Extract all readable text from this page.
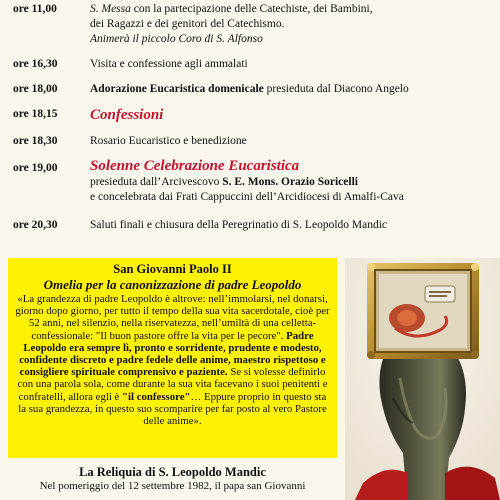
ore 11,00	S. Messa con la partecipazione delle Catechiste, dei Bambini,
dei Ragazzi e dei genitori del Catechismo.
Animerà il piccolo Coro di S. Alfonso
ore 16,30	Visita e confessione agli ammalati
ore 18,00	Adorazione Eucaristica domenicale presieduta dal Diacono Angelo
ore 18,15 Confessioni
ore 18,30	Rosario Eucaristico e benedizione
ore 19,00 Solenne Celebrazione Eucaristica
presieduta dall’Arcivescovo S. E. Mons. Orazio Soricelli
e concelebrata dai Frati Cappuccini dell’Arcidiocesi di Amalfi-Cava
ore 20,30	Saluti finali e chiusura della Peregrinatio di S. Leopoldo Mandic
San Giovanni Paolo II
Omelia per la canonizzazione di padre Leopoldo
«La grandezza di padre Leopoldo è altrove: nell’immolarsi, nel donarsi, giorno dopo giorno, per tutto il tempo della sua vita sacerdotale, cioè per 52 anni, nel silenzio, nella riservatezza, nell’umiltà di una celletta-confessionale: "Il buon pastore offre la vita per le pecore". Padre Leopoldo era sempre lì, pronto e sorridente, prudente e modesto, confidente discreto e padre fedele delle anime, maestro rispettoso e consigliere spirituale comprensivo e paziente. Se si volesse definirlo con una parola sola, come durante la sua vita facevano i suoi penitenti e confratelli, allora egli è "il confessore"… Eppure proprio in questo sta la sua grandezza, in questo suo scomparire per far posto al vero Pastore delle anime».
La Reliquia di S. Leopoldo Mandic
Nel pomeriggio del 12 settembre 1982, il papa san Giovanni
